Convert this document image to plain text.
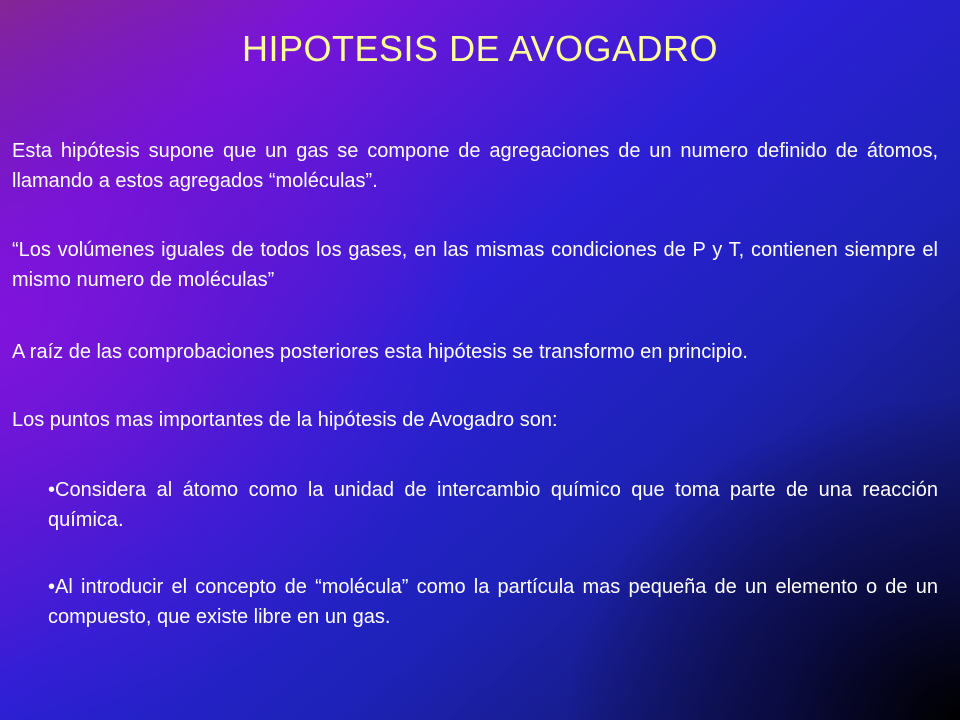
HIPOTESIS DE AVOGADRO

Esta hipótesis supone que un gas se compone de agregaciones de un numero definido de átomos, llamando a estos agregados “moléculas”.

“Los volúmenes iguales de todos los gases, en las mismas condiciones de P y T, contienen siempre el mismo numero de moléculas”

A raíz de las comprobaciones posteriores esta hipótesis se transformo en principio.

Los puntos mas importantes de la hipótesis de Avogadro son:

•Considera al átomo como la unidad de intercambio químico que toma parte de una reacción química.

•Al introducir el concepto de “molécula” como la partícula mas pequeña de un elemento o de un compuesto, que existe libre en un gas.
